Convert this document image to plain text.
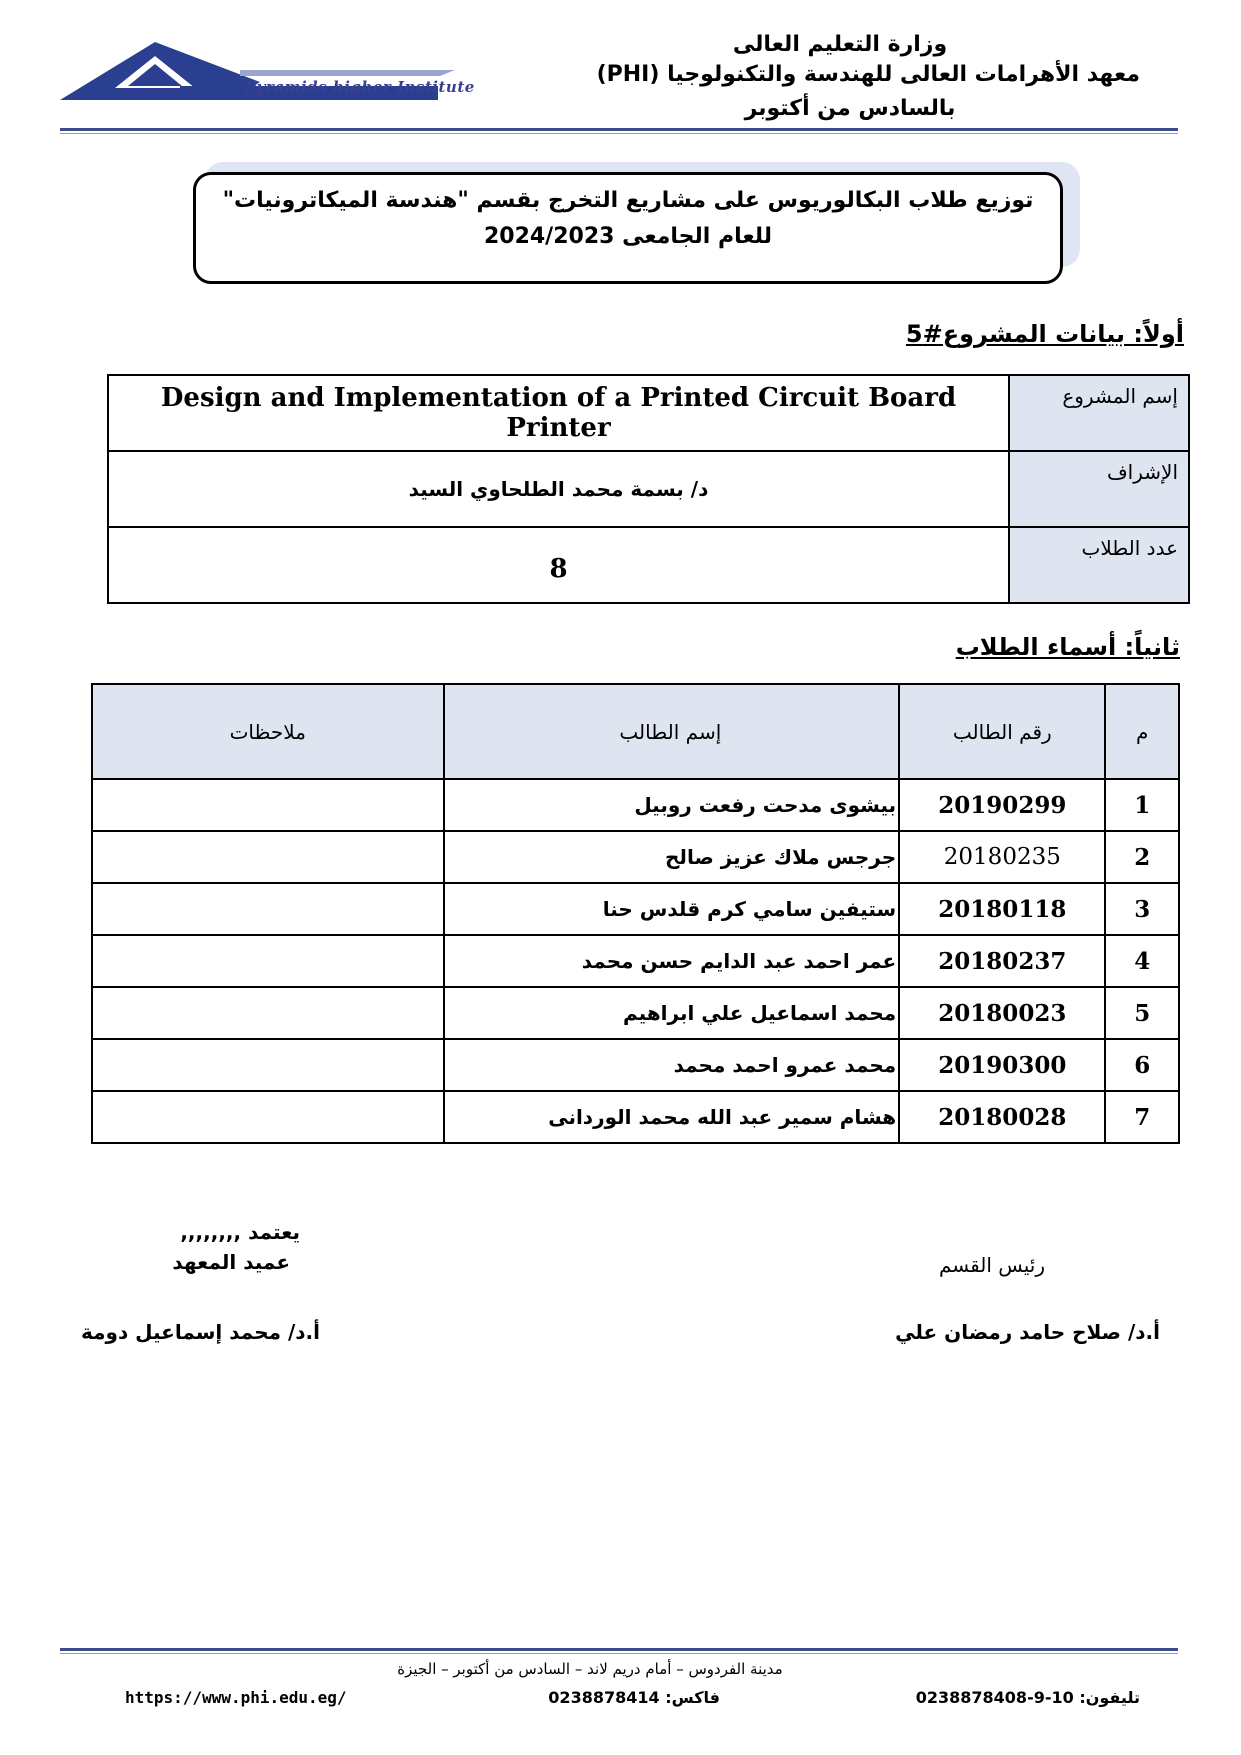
Pyramids higher Institute
P.H.I. For Engineering And Technology
وزارة التعليم العالى
معهد الأهرامات العالى للهندسة والتكنولوجيا (PHI)
بالسادس من أكتوبر
توزيع طلاب البكالوريوس على مشاريع التخرج بقسم "هندسة الميكاترونيات"
للعام الجامعى 2024/2023
أولاً: بيانات المشروع#5
Design and Implementation of a Printed Circuit Board Printer	إسم المشروع
د/ بسمة محمد الطلحاوي السيد	الإشراف

8	عدد الطلاب
ثانياً: أسماء الطلاب
ملاحظات	إسم الطالب	رقم الطالب	م
	بيشوى مدحت رفعت روبيل	20190299	1
	جرجس ملاك عزيز صالح	20180235	2
	ستيفين سامي كرم قلدس حنا	20180118	3
	عمر احمد عبد الدايم حسن محمد	20180237	4
	محمد اسماعيل علي ابراهيم	20180023	5
	محمد عمرو احمد محمد	20190300	6
	هشام سمير عبد الله محمد الوردانى	20180028	7
يعتمد ,,,,,,,,
عميد المعهد
أ.د/ محمد إسماعيل دومة
رئيس القسم
أ.د/ صلاح حامد رمضان علي
مدينة الفردوس – أمام دريم لاند – السادس من أكتوبر – الجيزة
https://www.phi.edu.eg/	فاكس: 0238878414	تليفون: 10-9-0238878408
